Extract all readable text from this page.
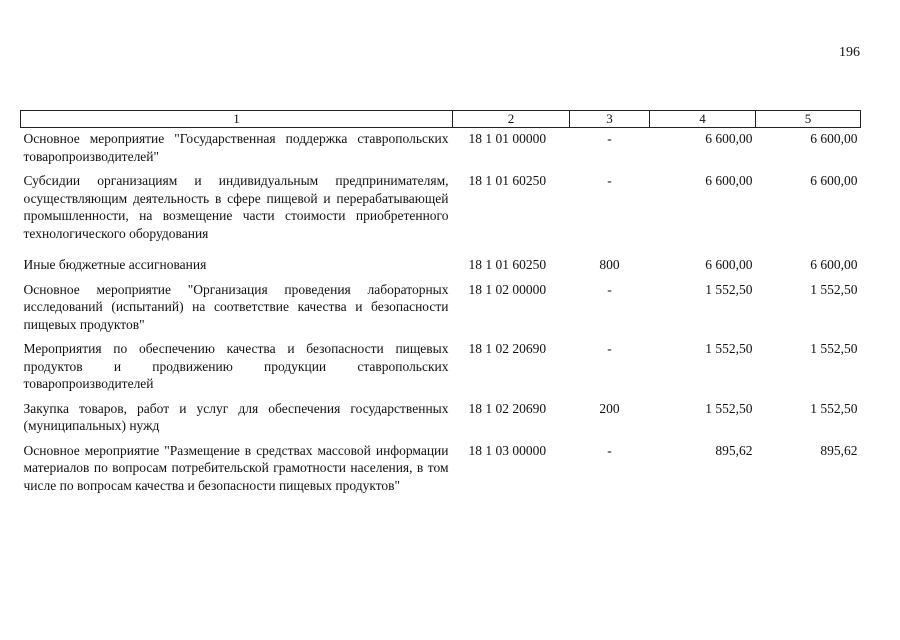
196
1	2	3	4	5
Основное мероприятие "Государственная поддержка ставропольских товаропроизводителей"	18 1 01 00000	-	6 600,00	6 600,00
Субсидии организациям и индивидуальным предпринимателям, осуществляющим деятельность в сфере пищевой и перерабатывающей промышленности, на возмещение части стоимости приобретенного технологического оборудования	18 1 01 60250	-	6 600,00	6 600,00
Иные бюджетные ассигнования	18 1 01 60250	800	6 600,00	6 600,00
Основное мероприятие "Организация проведения лабораторных исследований (испытаний) на соответствие качества и безопасности пищевых продуктов"	18 1 02 00000	-	1 552,50	1 552,50
Мероприятия по обеспечению качества и безопасности пищевых продуктов и продвижению продукции ставропольских товаропроизводителей	18 1 02 20690	-	1 552,50	1 552,50
Закупка товаров, работ и услуг для обеспечения государственных (муниципальных) нужд	18 1 02 20690	200	1 552,50	1 552,50
Основное мероприятие "Размещение в средствах массовой информации материалов по вопросам потребительской грамотности населения, в том числе по вопросам качества и безопасности пищевых продуктов"	18 1 03 00000	-	895,62	895,62
